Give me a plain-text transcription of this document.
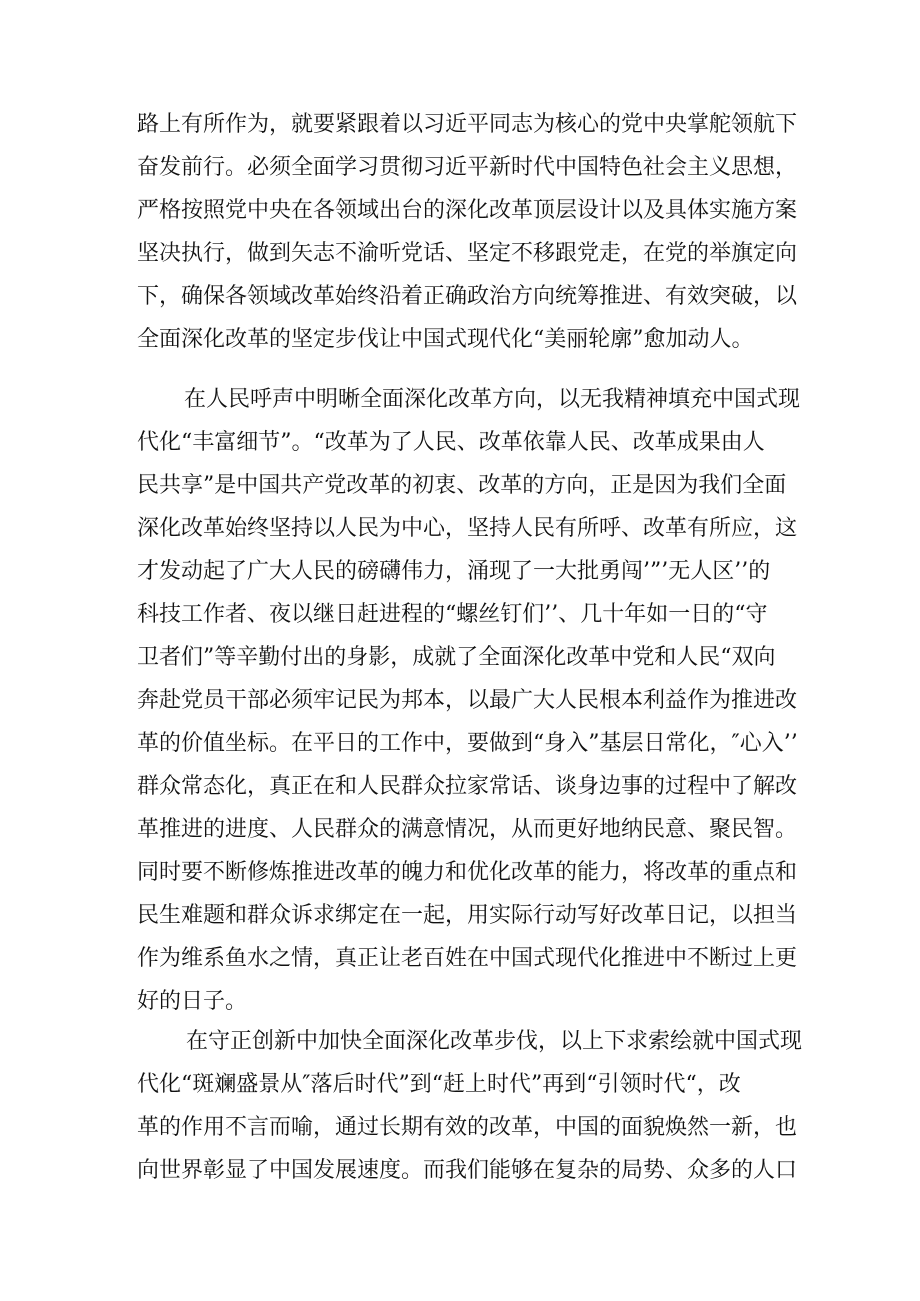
路上有所作为，就要紧跟着以习近平同志为核心的党中央掌舵领航下
奋发前行。必须全面学习贯彻习近平新时代中国特色社会主义思想，
严格按照党中央在各领域出台的深化改革顶层设计以及具体实施方案
坚决执行，做到矢志不渝听党话、坚定不移跟党走，在党的举旗定向
下，确保各领域改革始终沿着正确政治方向统筹推进、有效突破，以
全面深化改革的坚定步伐让中国式现代化“美丽轮廓”愈加动人。
在人民呼声中明晰全面深化改革方向，以无我精神填充中国式现
代化“丰富细节”。“改革为了人民、改革依靠人民、改革成果由人
民共享”是中国共产党改革的初衷、改革的方向，正是因为我们全面
深化改革始终坚持以人民为中心，坚持人民有所呼、改革有所应，这
才发动起了广大人民的磅礴伟力，涌现了一大批勇闯’”’无人区’’的
科技工作者、夜以继日赶进程的“螺丝钉们’’、几十年如一日的“守
卫者们”等辛勤付出的身影，成就了全面深化改革中党和人民“双向
奔赴党员干部必须牢记民为邦本，以最广大人民根本利益作为推进改
革的价值坐标。在平日的工作中，要做到“身入”基层日常化，″心入’’
群众常态化，真正在和人民群众拉家常话、谈身边事的过程中了解改
革推进的进度、人民群众的满意情况，从而更好地纳民意、聚民智。
同时要不断修炼推进改革的魄力和优化改革的能力，将改革的重点和
民生难题和群众诉求绑定在一起，用实际行动写好改革日记，以担当
作为维系鱼水之情，真正让老百姓在中国式现代化推进中不断过上更
好的日子。
在守正创新中加快全面深化改革步伐，以上下求索绘就中国式现
代化“斑斓盛景从″落后时代”到“赶上时代”再到“引领时代“，改
革的作用不言而喻，通过长期有效的改革，中国的面貌焕然一新，也
向世界彰显了中国发展速度。而我们能够在复杂的局势、众多的人口
